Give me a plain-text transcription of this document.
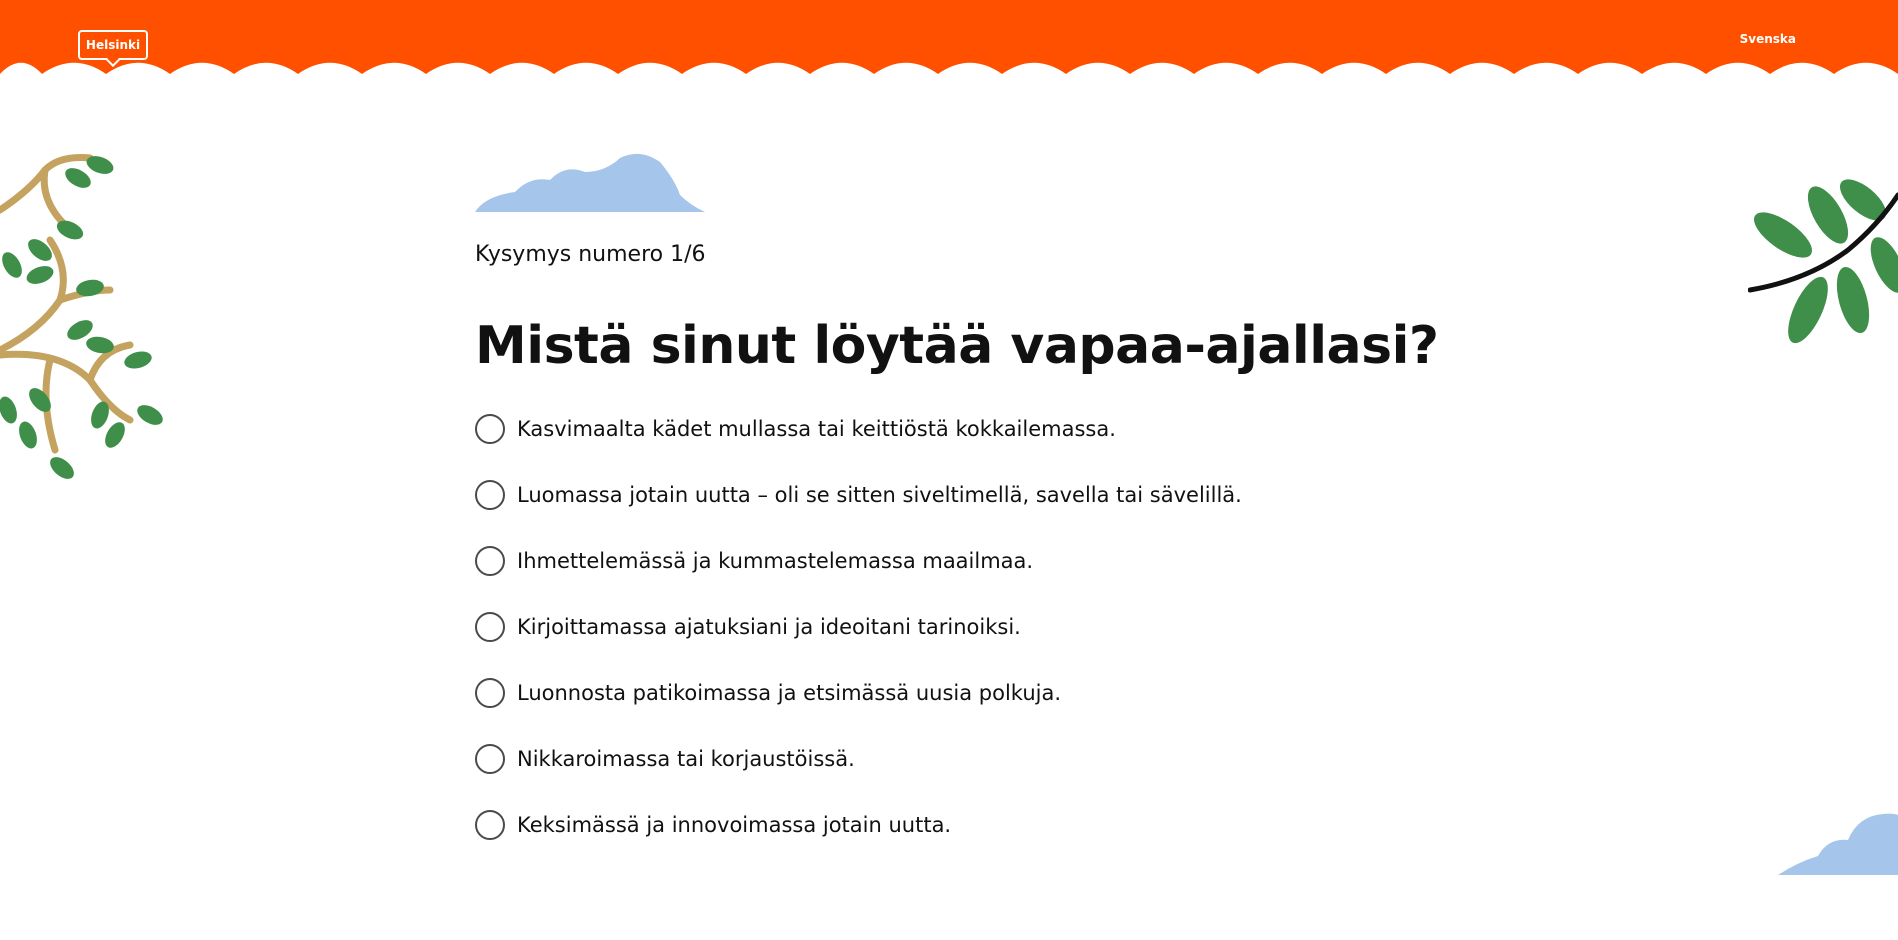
Helsinki	Svenska
Kysymys numero 1/6
Mistä sinut löytää vapaa-ajallasi?
Kasvimaalta kädet mullassa tai keittiöstä kokkailemassa.
Luomassa jotain uutta – oli se sitten siveltimellä, savella tai sävelillä.
Ihmettelemässä ja kummastelemassa maailmaa.
Kirjoittamassa ajatuksiani ja ideoitani tarinoiksi.
Luonnosta patikoimassa ja etsimässä uusia polkuja.
Nikkaroimassa tai korjaustöissä.
Keksimässä ja innovoimassa jotain uutta.
